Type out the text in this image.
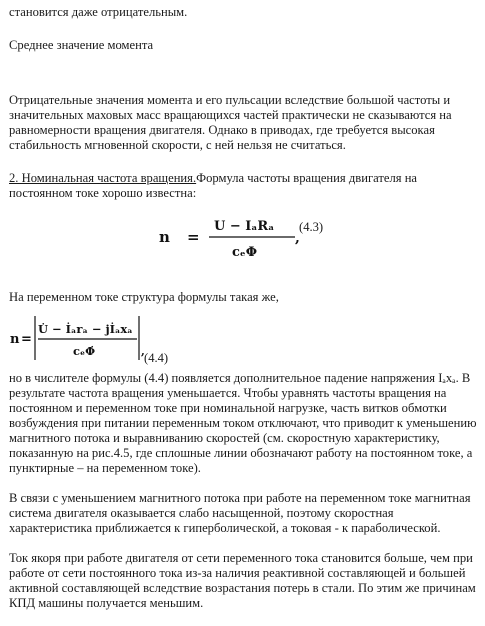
становится даже отрицательным.

Среднее значение момента

Отрицательные значения момента и его пульсации вследствие большой частоты и значительных маховых масс вращающихся частей практически не сказываются на равномерности вращения двигателя. Однако в приводах, где требуется высокая стабильность мгновенной скорости, с ней нельзя не считаться.

2. Номинальная частота вращения.Формула частоты вращения двигателя на постоянном токе хорошо известна:

n =
U − IₐRₐ
cₑΦ
,
(4.3)

На переменном токе структура формулы такая же,

n =
U̇ − İₐrₐ − jİₐxₐ
cₑΦ̇	, (4.4)

но в числителе формулы (4.4) появляется дополнительное падение напряжения Iₐxₐ. В результате частота вращения уменьшается. Чтобы уравнять частоты вращения на постоянном и переменном токе при номинальной нагрузке, часть витков обмотки возбуждения при питании переменным током отключают, что приводит к уменьшению магнитного потока и выравниванию скоростей (см. скоростную характеристику, показанную на рис.4.5, где сплошные линии обозначают работу на постоянном токе, а пунктирные – на переменном токе).

В связи с уменьшением магнитного потока при работе на переменном токе магнитная система двигателя оказывается слабо насыщенной, поэтому скоростная характеристика приближается к гиперболической, а токовая - к параболической.

Ток якоря при работе двигателя от сети переменного тока становится больше, чем при работе от сети постоянного тока из-за наличия реактивной составляющей и большей активной составляющей вследствие возрастания потерь в стали. По этим же причинам КПД машины получается меньшим.
